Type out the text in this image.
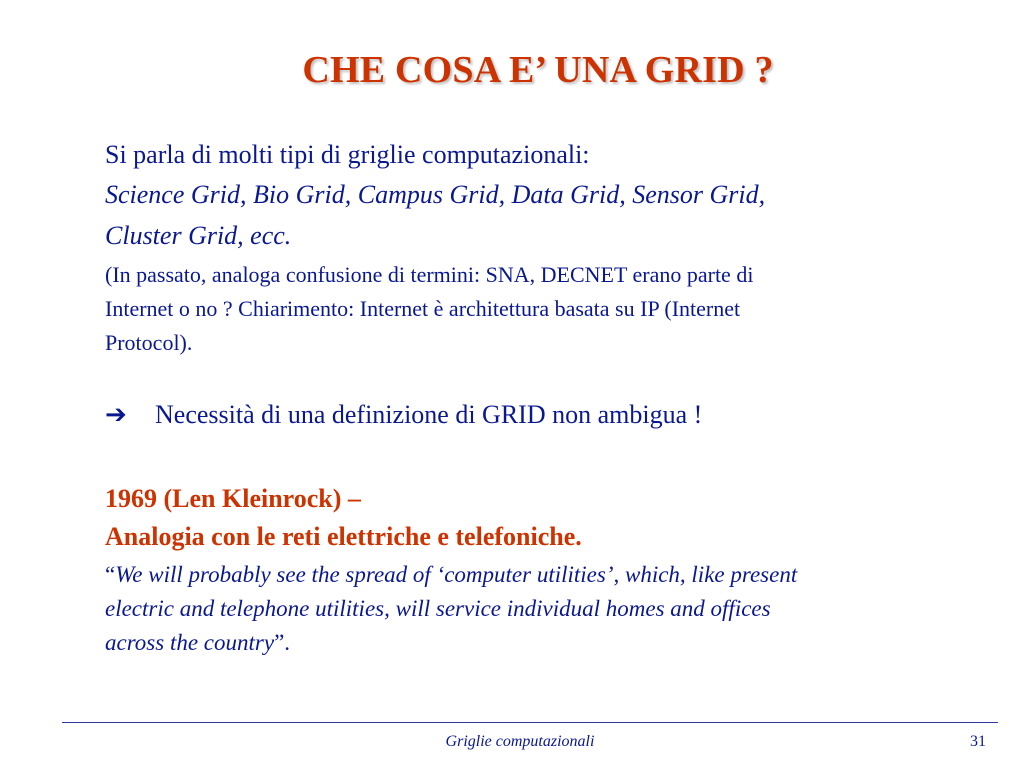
CHE COSA E’ UNA GRID ?
Si parla di molti tipi di griglie computazionali:
Science Grid, Bio Grid, Campus Grid, Data Grid, Sensor Grid,
Cluster Grid, ecc.
(In passato, analoga confusione di termini: SNA, DECNET erano parte di
Internet o no ? Chiarimento: Internet è architettura basata su IP (Internet
Protocol).
➔ Necessità di una definizione di GRID non ambigua !
1969 (Len Kleinrock) –
Analogia con le reti elettriche e telefoniche.
“We will probably see the spread of ‘computer utilities’, which, like present
electric and telephone utilities, will service individual homes and offices
across the country”.
Griglie computazionali	31
